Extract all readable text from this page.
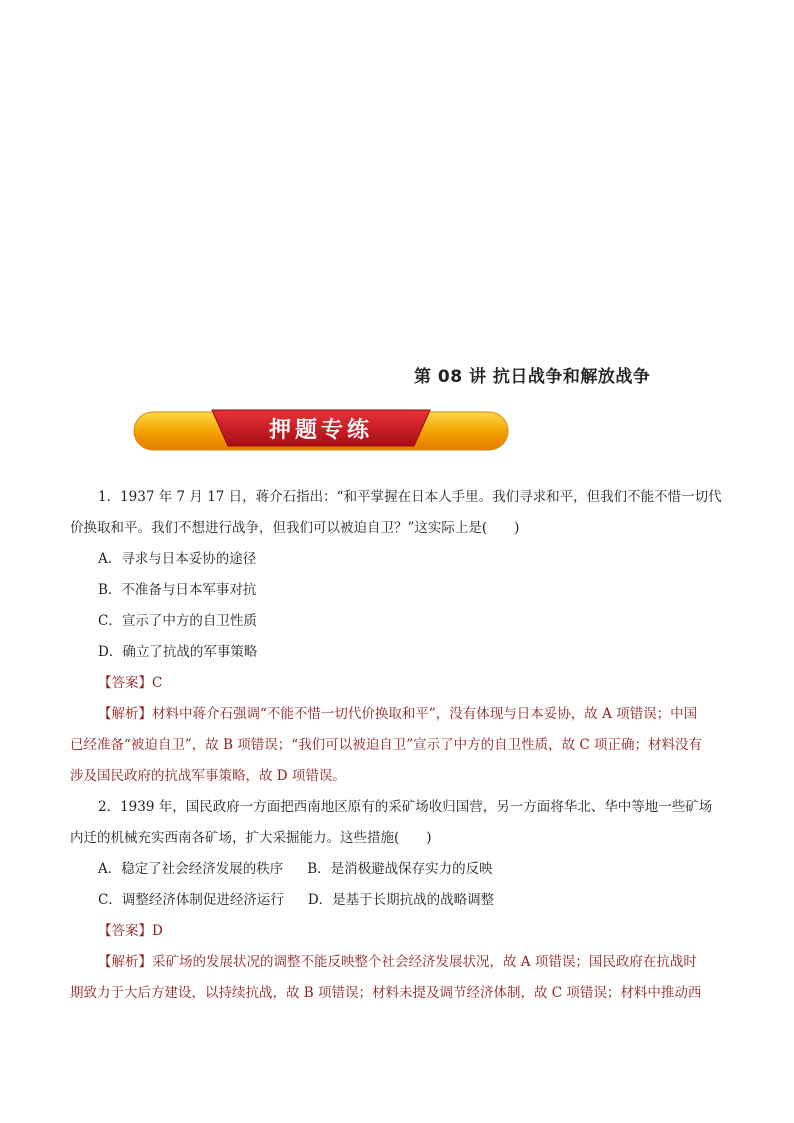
第 08 讲 抗日战争和解放战争
押题专练

1．1937 年 7 月 17 日，蒋介石指出：“和平掌握在日本人手里。我们寻求和平，但我们不能不惜一切代

价换取和平。我们不想进行战争，但我们可以被迫自卫？”这实际上是(　　)

A．寻求与日本妥协的途径

B．不准备与日本军事对抗

C．宣示了中方的自卫性质

D．确立了抗战的军事策略

【答案】C

【解析】材料中蒋介石强调“不能不惜一切代价换取和平”，没有体现与日本妥协，故 A 项错误；中国

已经准备“被迫自卫”，故 B 项错误；“我们可以被迫自卫”宣示了中方的自卫性质，故 C 项正确；材料没有

涉及国民政府的抗战军事策略，故 D 项错误。

2．1939 年，国民政府一方面把西南地区原有的采矿场收归国营，另一方面将华北、华中等地一些矿场

内迁的机械充实西南各矿场，扩大采掘能力。这些措施(　　)

A．稳定了社会经济发展的秩序 B．是消极避战保存实力的反映

C．调整经济体制促进经济运行 D．是基于长期抗战的战略调整

【答案】D

【解析】采矿场的发展状况的调整不能反映整个社会经济发展状况，故 A 项错误；国民政府在抗战时

期致力于大后方建设，以持续抗战，故 B 项错误；材料未提及调节经济体制，故 C 项错误；材料中推动西
